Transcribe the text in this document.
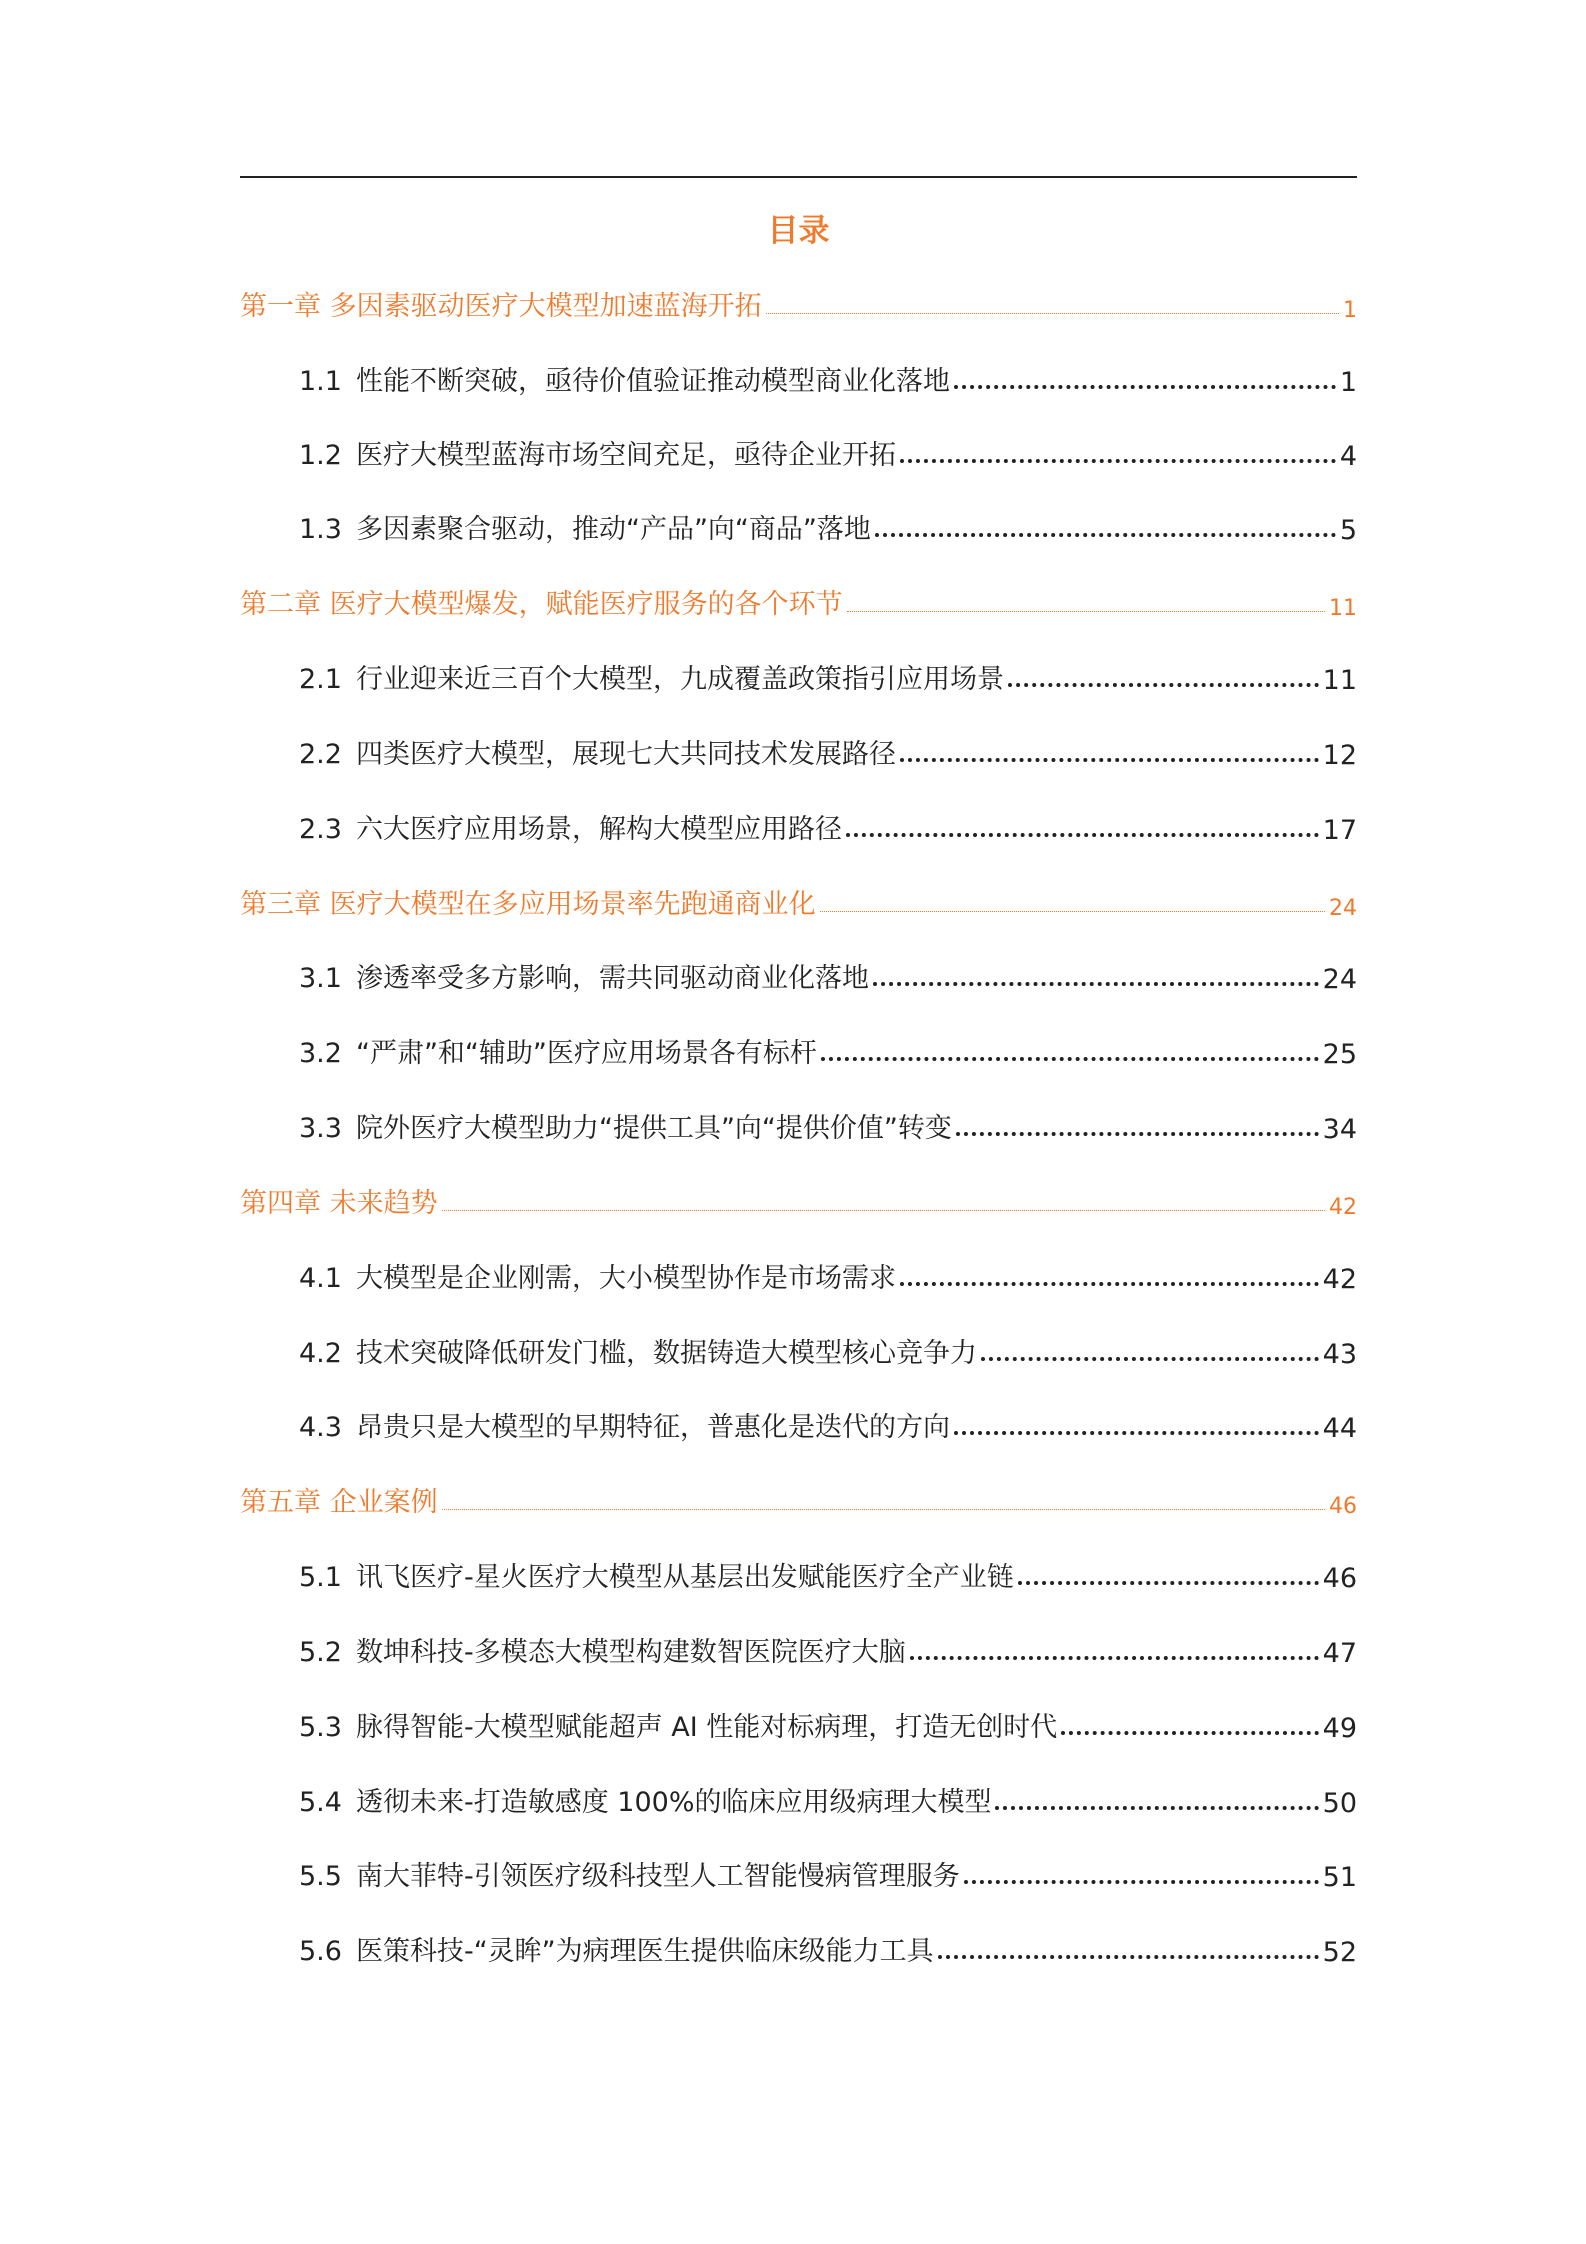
目录
第一章 多因素驱动医疗大模型加速蓝海开拓	1
1.1 性能不断突破，亟待价值验证推动模型商业化落地	1
1.2 医疗大模型蓝海市场空间充足，亟待企业开拓	4
1.3 多因素聚合驱动，推动“产品”向“商品”落地	5
第二章 医疗大模型爆发，赋能医疗服务的各个环节	11
2.1 行业迎来近三百个大模型，九成覆盖政策指引应用场景	11
2.2 四类医疗大模型，展现七大共同技术发展路径	12
2.3 六大医疗应用场景，解构大模型应用路径	17
第三章 医疗大模型在多应用场景率先跑通商业化	24
3.1 渗透率受多方影响，需共同驱动商业化落地	24
3.2 “严肃”和“辅助”医疗应用场景各有标杆	25
3.3 院外医疗大模型助力“提供工具”向“提供价值”转变	34
第四章 未来趋势	42
4.1 大模型是企业刚需，大小模型协作是市场需求	42
4.2 技术突破降低研发门槛，数据铸造大模型核心竞争力	43
4.3 昂贵只是大模型的早期特征，普惠化是迭代的方向	44
第五章 企业案例	46
5.1 讯飞医疗-星火医疗大模型从基层出发赋能医疗全产业链	46
5.2 数坤科技-多模态大模型构建数智医院医疗大脑	47
5.3 脉得智能-大模型赋能超声 AI 性能对标病理，打造无创时代	49
5.4 透彻未来-打造敏感度 100%的临床应用级病理大模型	50
5.5 南大菲特-引领医疗级科技型人工智能慢病管理服务	51
5.6 医策科技-“灵眸”为病理医生提供临床级能力工具	52
